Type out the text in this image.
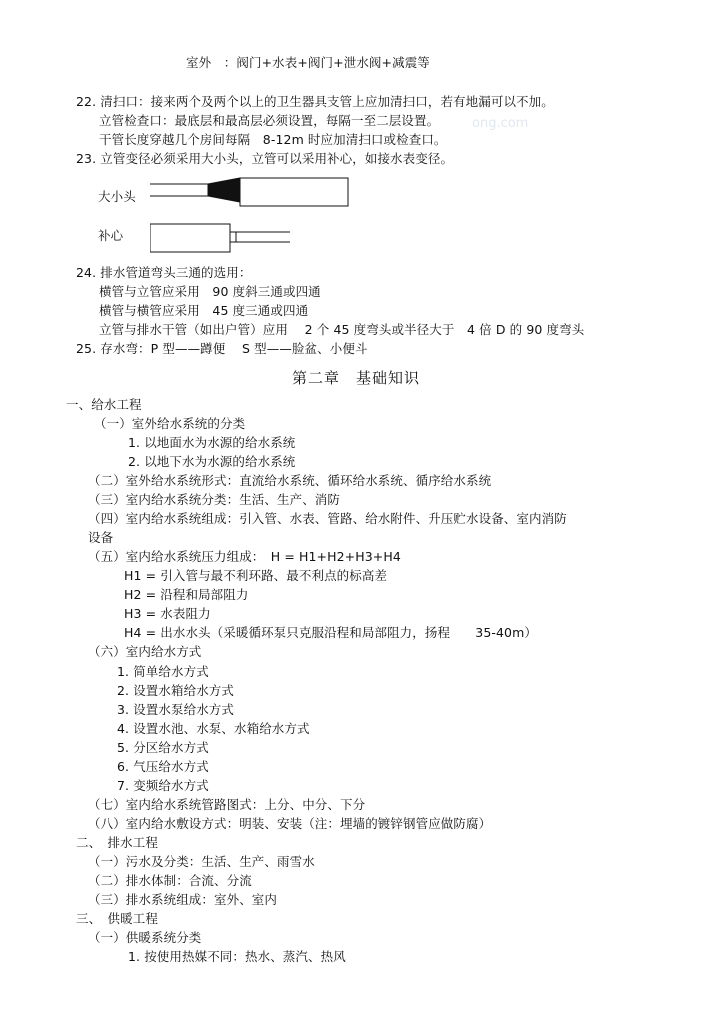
ong.com
室外　：阀门+水表+阀门+泄水阀+减震等
22. 清扫口：接来两个及两个以上的卫生器具支管上应加清扫口，若有地漏可以不加。
立管检查口：最底层和最高层必须设置，每隔一至二层设置。
干管长度穿越几个房间每隔　8-12m 时应加清扫口或检查口。
23. 立管变径必须采用大小头，立管可以采用补心，如接水表变径。
大小头
补心
24. 排水管道弯头三通的选用：
横管与立管应采用　90 度斜三通或四通
横管与横管应采用　45 度三通或四通
立管与排水干管（如出户管）应用　 2 个 45 度弯头或半径大于　4 倍 D 的 90 度弯头
25. 存水弯：P 型——蹲便　 S 型——脸盆、小便斗
第二章　基础知识
一、给水工程
（一）室外给水系统的分类
1. 以地面水为水源的给水系统
2. 以地下水为水源的给水系统
（二）室外给水系统形式：直流给水系统、循环给水系统、循序给水系统
（三）室内给水系统分类：生活、生产、消防
（四）室内给水系统组成：引入管、水表、管路、给水附件、升压贮水设备、室内消防
设备
（五）室内给水系统压力组成：　H = H1+H2+H3+H4
H1 = 引入管与最不利环路、最不利点的标高差
H2 = 沿程和局部阻力
H3 = 水表阻力
H4 = 出水水头（采暖循环泵只克服沿程和局部阻力，扬程　　35-40m）
（六）室内给水方式
1. 简单给水方式
2. 设置水箱给水方式
3. 设置水泵给水方式
4. 设置水池、水泵、水箱给水方式
5. 分区给水方式
6. 气压给水方式
7. 变频给水方式
（七）室内给水系统管路图式：上分、中分、下分
（八）室内给水敷设方式：明装、安装（注：埋墙的镀锌钢管应做防腐）
二、　排水工程
（一）污水及分类：生活、生产、雨雪水
（二）排水体制：合流、分流
（三）排水系统组成：室外、室内
三、　供暖工程
（一）供暖系统分类
1. 按使用热媒不同：热水、蒸汽、热风
